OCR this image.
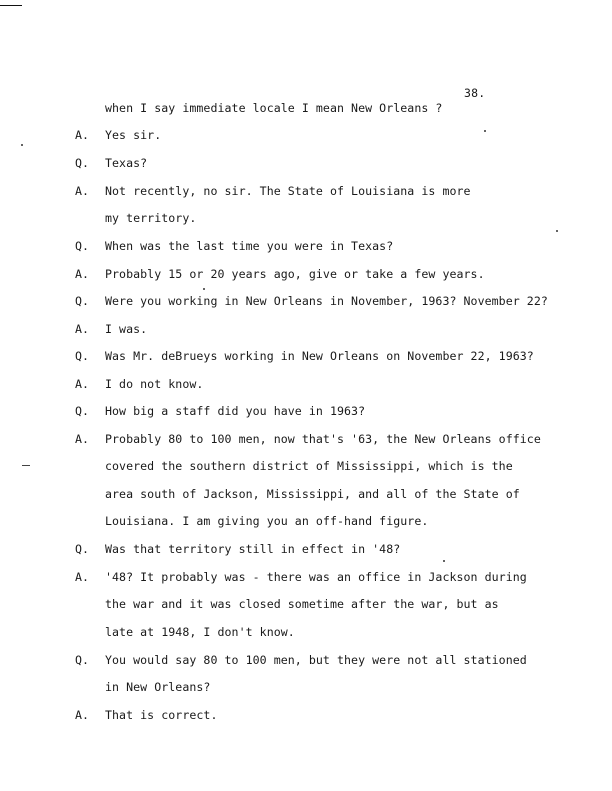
38.
when I say immediate locale I mean New Orleans ?
A.	Yes sir.
Q.	Texas?
A.	Not recently, no sir. The State of Louisiana is more
my territory.
Q.	When was the last time you were in Texas?
A.	Probably 15 or 20 years ago, give or take a few years.
Q.	Were you working in New Orleans in November, 1963? November 22?
A.	I was.
Q.	Was Mr. deBrueys working in New Orleans on November 22, 1963?
A.	I do not know.
Q.	How big a staff did you have in 1963?
A.	Probably 80 to 100 men, now that's '63, the New Orleans office
covered the southern district of Mississippi, which is the
area south of Jackson, Mississippi, and all of the State of
Louisiana. I am giving you an off-hand figure.
Q.	Was that territory still in effect in '48?
A.	'48? It probably was - there was an office in Jackson during
the war and it was closed sometime after the war, but as
late at 1948, I don't know.
Q.	You would say 80 to 100 men, but they were not all stationed
in New Orleans?
A.	That is correct.
